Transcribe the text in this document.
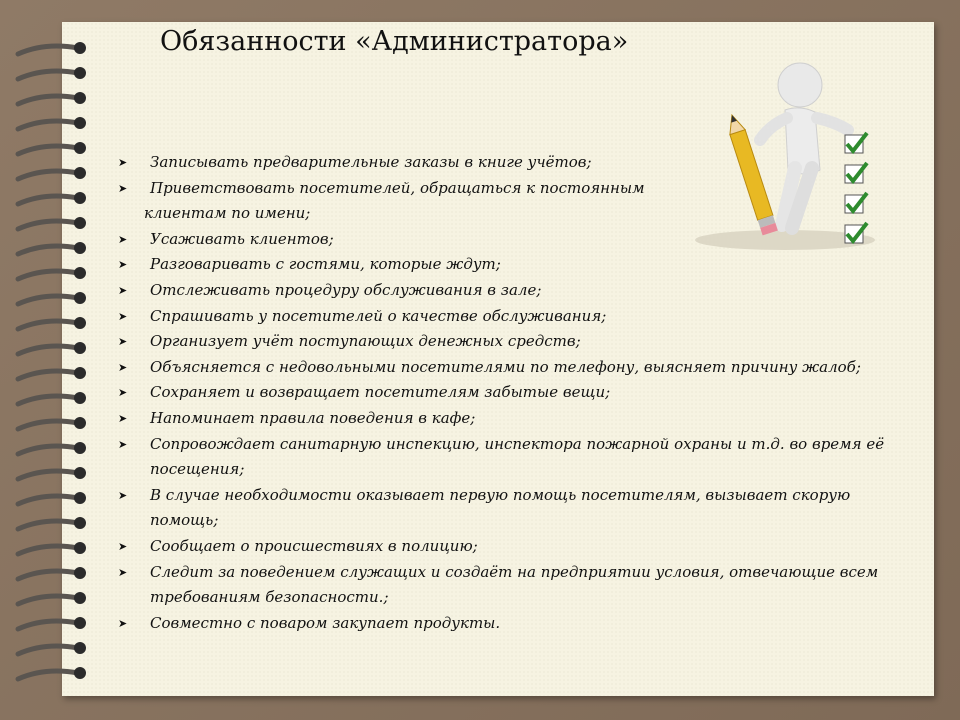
Обязанности «Администратора»
➤ Записывать предварительные заказы в книге учётов;
➤ Приветствовать посетителей, обращаться к постоянным
клиентам по имени;
➤ Усаживать клиентов;
➤ Разговаривать с гостями, которые ждут;
➤ Отслеживать процедуру обслуживания в зале;
➤ Спрашивать у посетителей о качестве обслуживания;
➤ Организует учёт поступающих денежных средств;
➤ Объясняется с недовольными посетителями по телефону, выясняет причину жалоб;
➤ Сохраняет и возвращает посетителям забытые вещи;
➤ Напоминает правила поведения в кафе;
➤ Сопровождает санитарную инспекцию, инспектора пожарной охраны и т.д. во время её посещения;
➤ В случае необходимости оказывает первую помощь посетителям, вызывает скорую помощь;
➤ Сообщает о происшествиях в полицию;
➤ Следит за поведением служащих и создаёт на предприятии условия, отвечающие всем требованиям безопасности.;
➤ Совместно с поваром закупает продукты.
